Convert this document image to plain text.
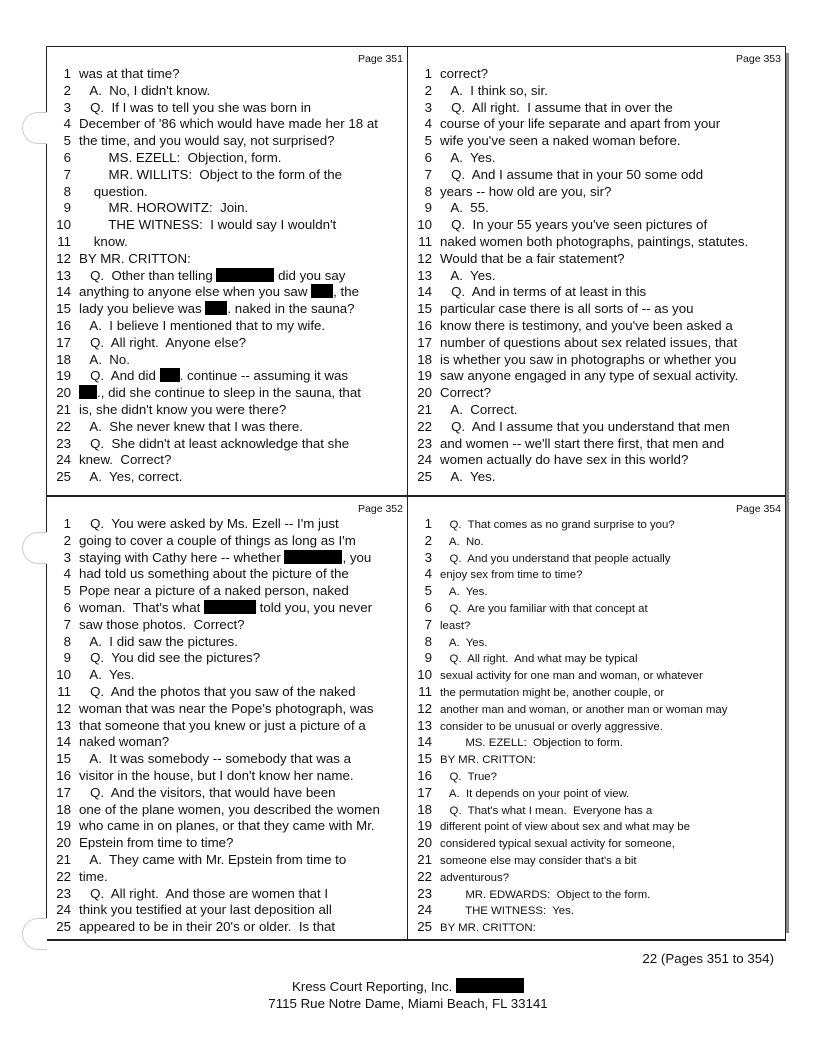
Page 351
1 was at that time?
2   A.  No, I didn't know.
3   Q.  If I was to tell you she was born in
4 December of '86 which would have made her 18 at
5 the time, and you would say, not surprised?
6        MS. EZELL:  Objection, form.
7        MR. WILLITS:  Object to the form of the
8    question.
9        MR. HOROWITZ:  Join.
10        THE WITNESS:  I would say I wouldn't
11    know.
12 BY MR. CRITTON:
13   Q.  Other than telling	did you say
14 anything to anyone else when you saw , the
15 lady you believe was . naked in the sauna?
16   A.  I believe I mentioned that to my wife.
17   Q.  All right.  Anyone else?
18   A.  No.
19   Q.  And did . continue -- assuming it was
20 ., did she continue to sleep in the sauna, that
21 is, she didn't know you were there?
22   A.  She never knew that I was there.
23   Q.  She didn't at least acknowledge that she
24 knew.  Correct?
25   A.  Yes, correct.
Page 353
1 correct?
2   A.  I think so, sir.
3   Q.  All right.  I assume that in over the
4 course of your life separate and apart from your
5 wife you've seen a naked woman before.
6   A.  Yes.
7   Q.  And I assume that in your 50 some odd
8 years -- how old are you, sir?
9   A.  55.
10   Q.  In your 55 years you've seen pictures of
11 naked women both photographs, paintings, statutes.
12 Would that be a fair statement?
13   A.  Yes.
14   Q.  And in terms of at least in this
15 particular case there is all sorts of -- as you
16 know there is testimony, and you've been asked a
17 number of questions about sex related issues, that
18 is whether you saw in photographs or whether you
19 saw anyone engaged in any type of sexual activity.
20 Correct?
21   A.  Correct.
22   Q.  And I assume that you understand that men
23 and women -- we'll start there first, that men and
24 women actually do have sex in this world?
25   A.  Yes.
Page 352
1   Q.  You were asked by Ms. Ezell -- I'm just
2 going to cover a couple of things as long as I'm
3 staying with Cathy here -- whether	, you
4 had told us something about the picture of the
5 Pope near a picture of a naked person, naked
6 woman.  That's what	told you, you never
7 saw those photos.  Correct?
8   A.  I did saw the pictures.
9   Q.  You did see the pictures?
10   A.  Yes.
11   Q.  And the photos that you saw of the naked
12 woman that was near the Pope's photograph, was
13 that someone that you knew or just a picture of a
14 naked woman?
15   A.  It was somebody -- somebody that was a
16 visitor in the house, but I don't know her name.
17   Q.  And the visitors, that would have been
18 one of the plane women, you described the women
19 who came in on planes, or that they came with Mr.
20 Epstein from time to time?
21   A.  They came with Mr. Epstein from time to
22 time.
23   Q.  All right.  And those are women that I
24 think you testified at your last deposition all
25 appeared to be in their 20's or older.  Is that
Page 354
1   Q.  That comes as no grand surprise to you?
2   A.  No.
3   Q.  And you understand that people actually
4 enjoy sex from time to time?
5   A.  Yes.
6   Q.  Are you familiar with that concept at
7 least?
8   A.  Yes.
9   Q.  All right.  And what may be typical
10 sexual activity for one man and woman, or whatever
11 the permutation might be, another couple, or
12 another man and woman, or another man or woman may
13 consider to be unusual or overly aggressive.
14        MS. EZELL:  Objection to form.
15 BY MR. CRITTON:
16   Q.  True?
17   A.  It depends on your point of view.
18   Q.  That's what I mean.  Everyone has a
19 different point of view about sex and what may be
20 considered typical sexual activity for someone,
21 someone else may consider that's a bit
22 adventurous?
23        MR. EDWARDS:  Object to the form.
24        THE WITNESS:  Yes.
25 BY MR. CRITTON:
22 (Pages 351 to 354)
Kress Court Reporting, Inc.
7115 Rue Notre Dame, Miami Beach, FL 33141
